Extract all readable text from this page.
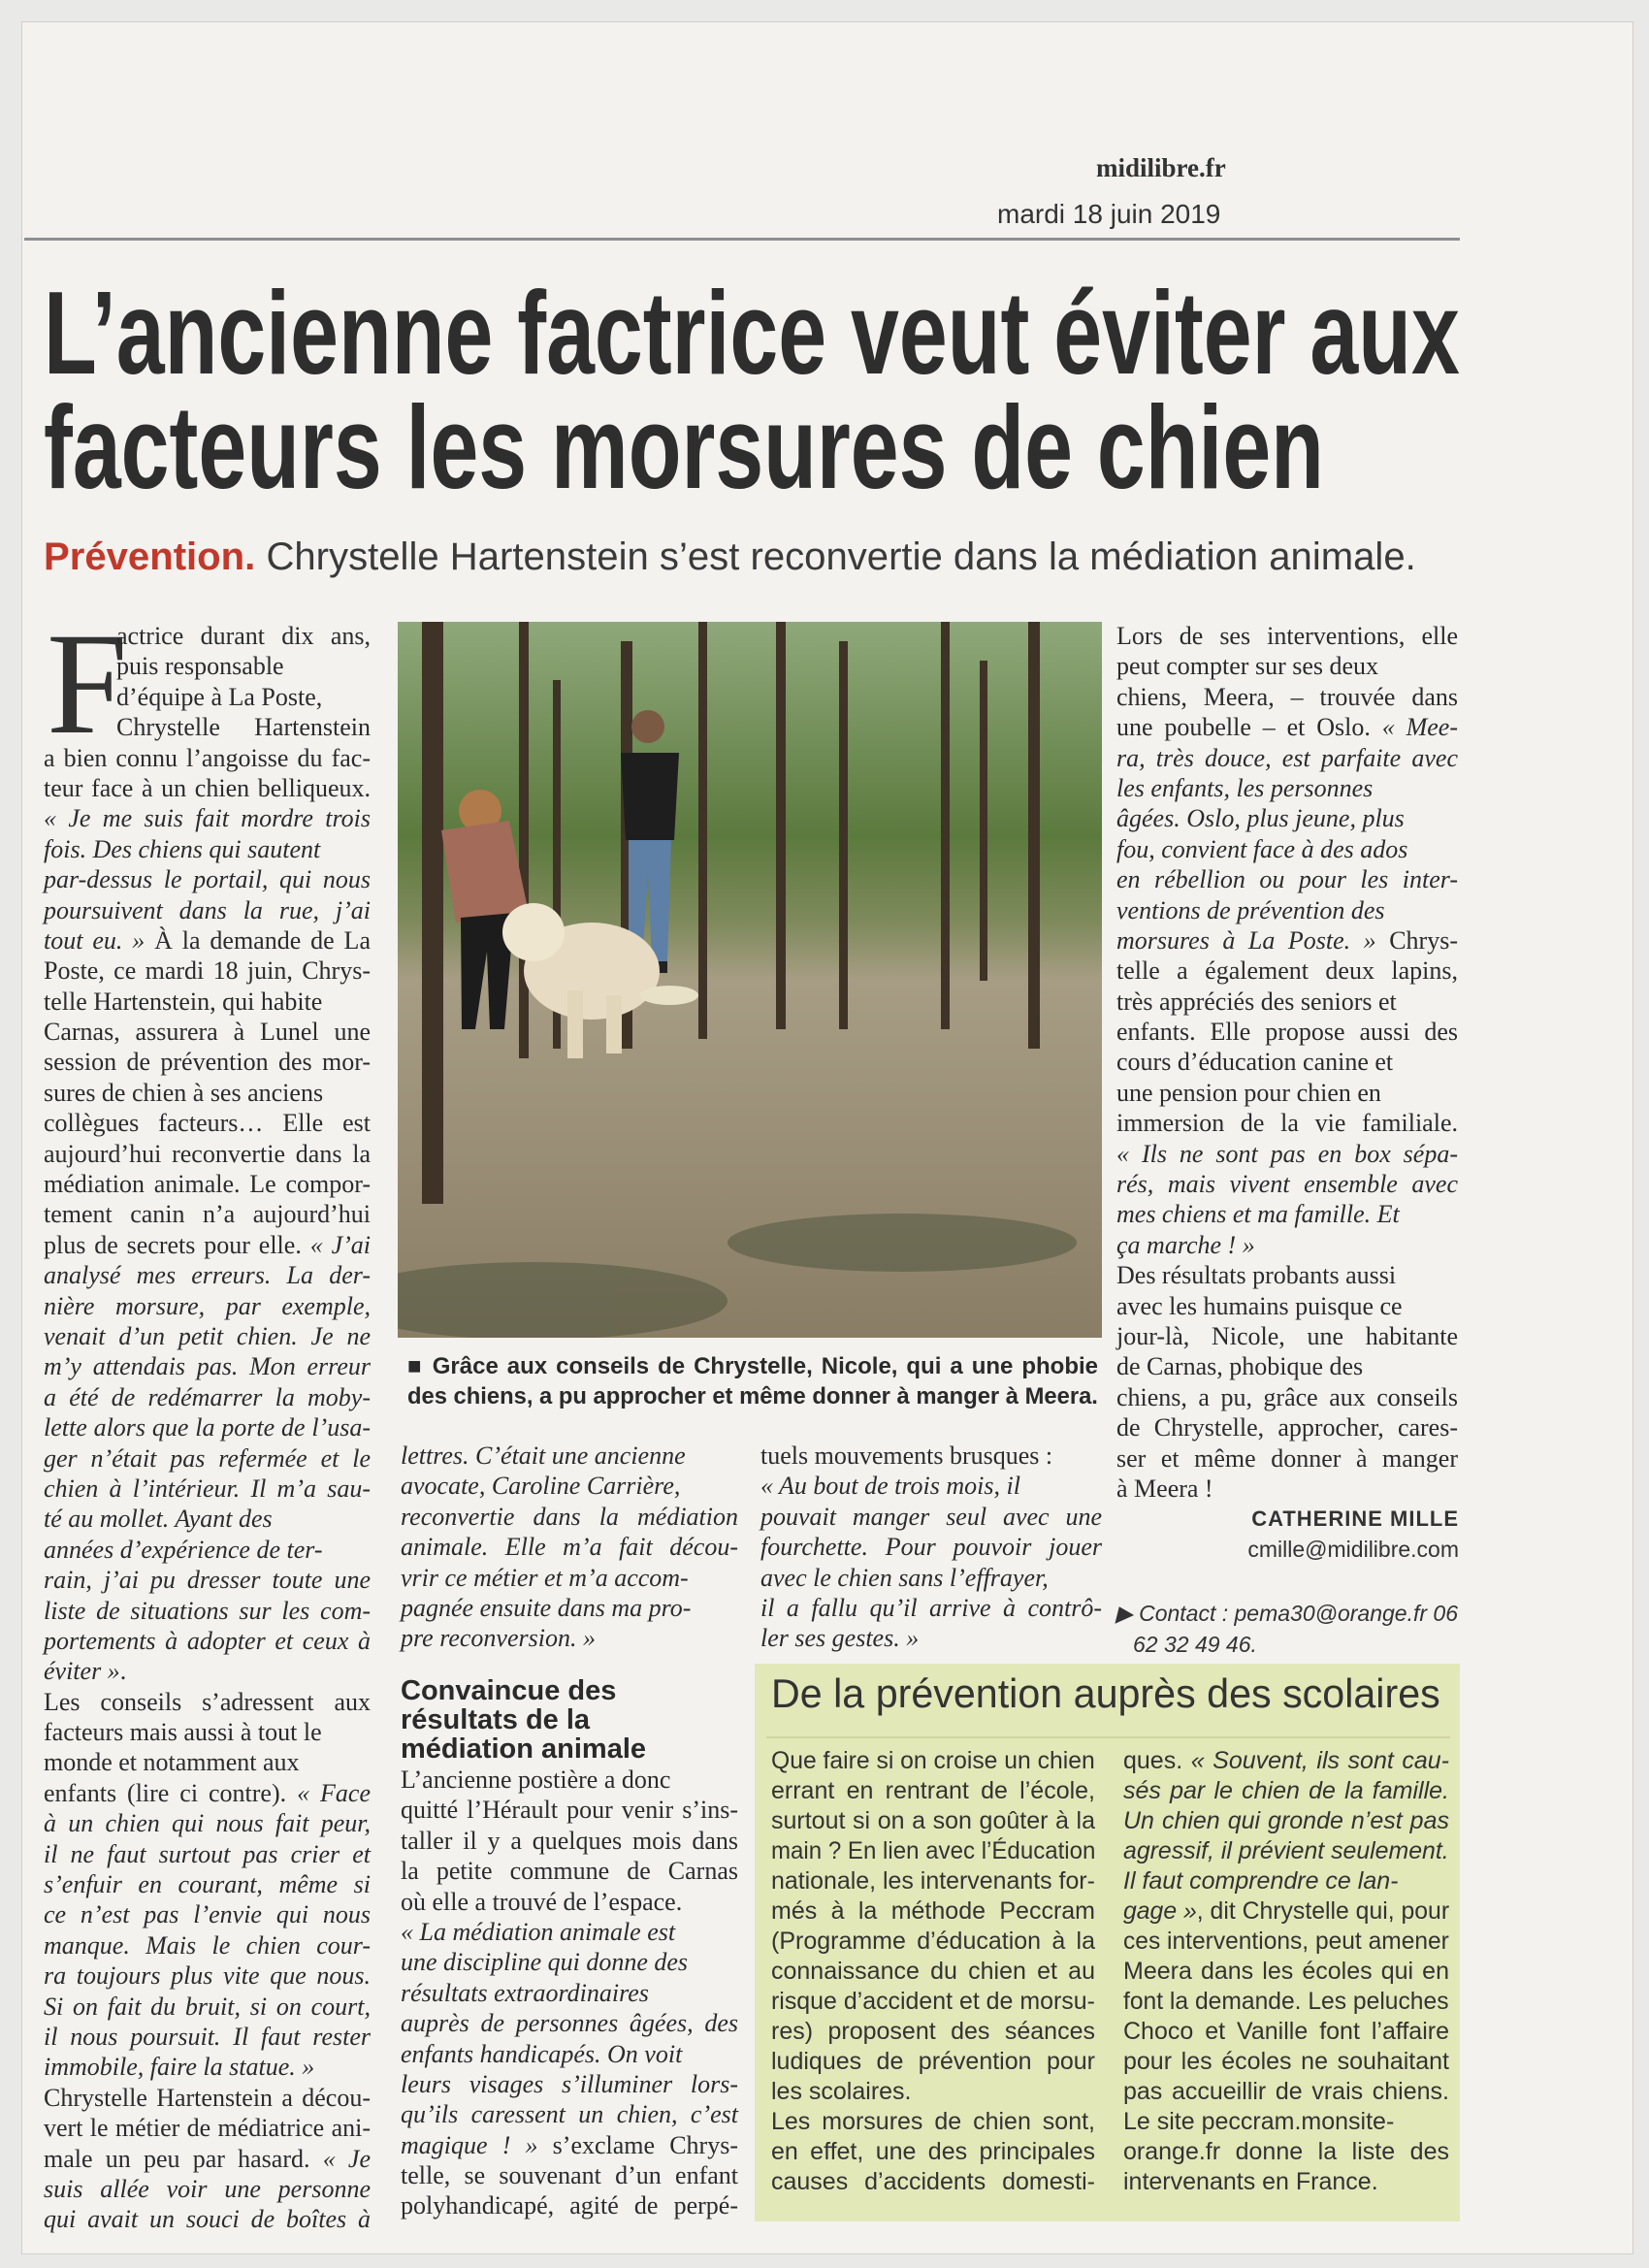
midilibre.fr
mardi 18 juin 2019
L’ancienne factrice veut éviter aux
facteurs les morsures de chien
Prévention. Chrystelle Hartenstein s’est reconvertie dans la médiation animale.
F
actrice durant dix ans,
puis responsable
d’équipe à La Poste,
Chrystelle Hartenstein
a bien connu l’angoisse du fac-
teur face à un chien belliqueux.
« Je me suis fait mordre trois
fois. Des chiens qui sautent
par-dessus le portail, qui nous
poursuivent dans la rue, j’ai
tout eu. » À la demande de La
Poste, ce mardi 18 juin, Chrys-
telle Hartenstein, qui habite
Carnas, assurera à Lunel une
session de prévention des mor-
sures de chien à ses anciens
collègues facteurs… Elle est
aujourd’hui reconvertie dans la
médiation animale. Le compor-
tement canin n’a aujourd’hui
plus de secrets pour elle. « J’ai
analysé mes erreurs. La der-
nière morsure, par exemple,
venait d’un petit chien. Je ne
m’y attendais pas. Mon erreur
a été de redémarrer la moby-
lette alors que la porte de l’usa-
ger n’était pas refermée et le
chien à l’intérieur. Il m’a sau-
té au mollet. Ayant des
années d’expérience de ter-
rain, j’ai pu dresser toute une
liste de situations sur les com-
portements à adopter et ceux à
éviter ».
Les conseils s’adressent aux
facteurs mais aussi à tout le
monde et notamment aux
enfants (lire ci contre). « Face
à un chien qui nous fait peur,
il ne faut surtout pas crier et
s’enfuir en courant, même si
ce n’est pas l’envie qui nous
manque. Mais le chien cour-
ra toujours plus vite que nous.
Si on fait du bruit, si on court,
il nous poursuit. Il faut rester
immobile, faire la statue. »
Chrystelle Hartenstein a décou-
vert le métier de médiatrice ani-
male un peu par hasard. « Je
suis allée voir une personne
qui avait un souci de boîtes à
■ Grâce aux conseils de Chrystelle, Nicole, qui a une phobie
des chiens, a pu approcher et même donner à manger à Meera.
lettres. C’était une ancienne
avocate, Caroline Carrière,
reconvertie dans la médiation
animale. Elle m’a fait décou-
vrir ce métier et m’a accom-
pagnée ensuite dans ma pro-
pre reconversion. »
Convaincue des
résultats de la
médiation animale
L’ancienne postière a donc
quitté l’Hérault pour venir s’ins-
taller il y a quelques mois dans
la petite commune de Carnas
où elle a trouvé de l’espace.
« La médiation animale est
une discipline qui donne des
résultats extraordinaires
auprès de personnes âgées, des
enfants handicapés. On voit
leurs visages s’illuminer lors-
qu’ils caressent un chien, c’est
magique ! » s’exclame Chrys-
telle, se souvenant d’un enfant
polyhandicapé, agité de perpé-
tuels mouvements brusques :
« Au bout de trois mois, il
pouvait manger seul avec une
fourchette. Pour pouvoir jouer
avec le chien sans l’effrayer,
il a fallu qu’il arrive à contrô-
ler ses gestes. »
Lors de ses interventions, elle
peut compter sur ses deux
chiens, Meera, – trouvée dans
une poubelle – et Oslo. « Mee-
ra, très douce, est parfaite avec
les enfants, les personnes
âgées. Oslo, plus jeune, plus
fou, convient face à des ados
en rébellion ou pour les inter-
ventions de prévention des
morsures à La Poste. » Chrys-
telle a également deux lapins,
très appréciés des seniors et
enfants. Elle propose aussi des
cours d’éducation canine et
une pension pour chien en
immersion de la vie familiale.
« Ils ne sont pas en box sépa-
rés, mais vivent ensemble avec
mes chiens et ma famille. Et
ça marche ! »
Des résultats probants aussi
avec les humains puisque ce
jour-là, Nicole, une habitante
de Carnas, phobique des
chiens, a pu, grâce aux conseils
de Chrystelle, approcher, cares-
ser et même donner à manger
à Meera !
CATHERINE MILLE
cmille@midilibre.com
▶ Contact : pema30@orange.fr 06
62 32 49 46.
De la prévention auprès des scolaires
Que faire si on croise un chien
errant en rentrant de l’école,
surtout si on a son goûter à la
main ? En lien avec l’Éducation
nationale, les intervenants for-
més à la méthode Peccram
(Programme d’éducation à la
connaissance du chien et au
risque d’accident et de morsu-
res) proposent des séances
ludiques de prévention pour
les scolaires.
Les morsures de chien sont,
en effet, une des principales
causes d’accidents domesti-
ques. « Souvent, ils sont cau-
sés par le chien de la famille.
Un chien qui gronde n’est pas
agressif, il prévient seulement.
Il faut comprendre ce lan-
gage », dit Chrystelle qui, pour
ces interventions, peut amener
Meera dans les écoles qui en
font la demande. Les peluches
Choco et Vanille font l’affaire
pour les écoles ne souhaitant
pas accueillir de vrais chiens.
Le site peccram.monsite-
orange.fr donne la liste des
intervenants en France.
